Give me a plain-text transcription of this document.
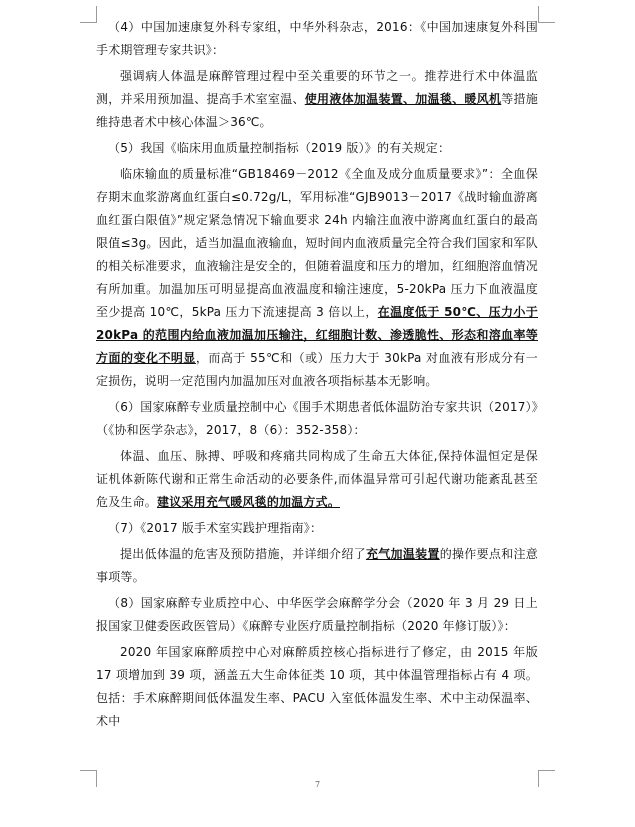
（4）中国加速康复外科专家组，中华外科杂志，2016：《中国加速康复外科围手术期管理专家共识》：

强调病人体温是麻醉管理过程中至关重要的环节之一。推荐进行术中体温监测，并采用预加温、提高手术室室温、使用液体加温装置、加温毯、暖风机等措施维持患者术中核心体温＞36℃。

（5）我国《临床用血质量控制指标（2019 版）》的有关规定：

临床输血的质量标准“GB18469－2012《全血及成分血质量要求》”：全血保存期末血浆游离血红蛋白≤0.72g/L，军用标准“GJB9013－2017《战时输血游离血红蛋白限值》”规定紧急情况下输血要求 24h 内输注血液中游离血红蛋白的最高限值≤3g。因此，适当加温血液输血，短时间内血液质量完全符合我们国家和军队的相关标准要求，血液输注是安全的，但随着温度和压力的增加，红细胞溶血情况有所加重。加温加压可明显提高血液温度和输注速度，5-20kPa 压力下血液温度至少提高 10℃，5kPa 压力下流速提高 3 倍以上，在温度低于 50℃、压力小于 20kPa 的范围内给血液加温加压输注，红细胞计数、渗透脆性、形态和溶血率等方面的变化不明显，而高于 55℃和（或）压力大于 30kPa 对血液有形成分有一定损伤，说明一定范围内加温加压对血液各项指标基本无影响。

（6）国家麻醉专业质量控制中心《围手术期患者低体温防治专家共识（2017）》（《协和医学杂志》，2017，8（6）：352-358）：

体温、血压、脉搏、呼吸和疼痛共同构成了生命五大体征,保持体温恒定是保证机体新陈代谢和正常生命活动的必要条件,而体温异常可引起代谢功能紊乱甚至危及生命。建议采用充气暖风毯的加温方式。

（7）《2017 版手术室实践护理指南》：

提出低体温的危害及预防措施，并详细介绍了充气加温装置的操作要点和注意事项等。

（8）国家麻醉专业质控中心、中华医学会麻醉学分会（2020 年 3 月 29 日上报国家卫健委医政医管局）《麻醉专业医疗质量控制指标（2020 年修订版）》：

2020 年国家麻醉质控中心对麻醉质控核心指标进行了修定，由 2015 年版 17 项增加到 39 项，涵盖五大生命体征类 10 项，其中体温管理指标占有 4 项。包括：手术麻醉期间低体温发生率、PACU 入室低体温发生率、术中主动保温率、术中

7
